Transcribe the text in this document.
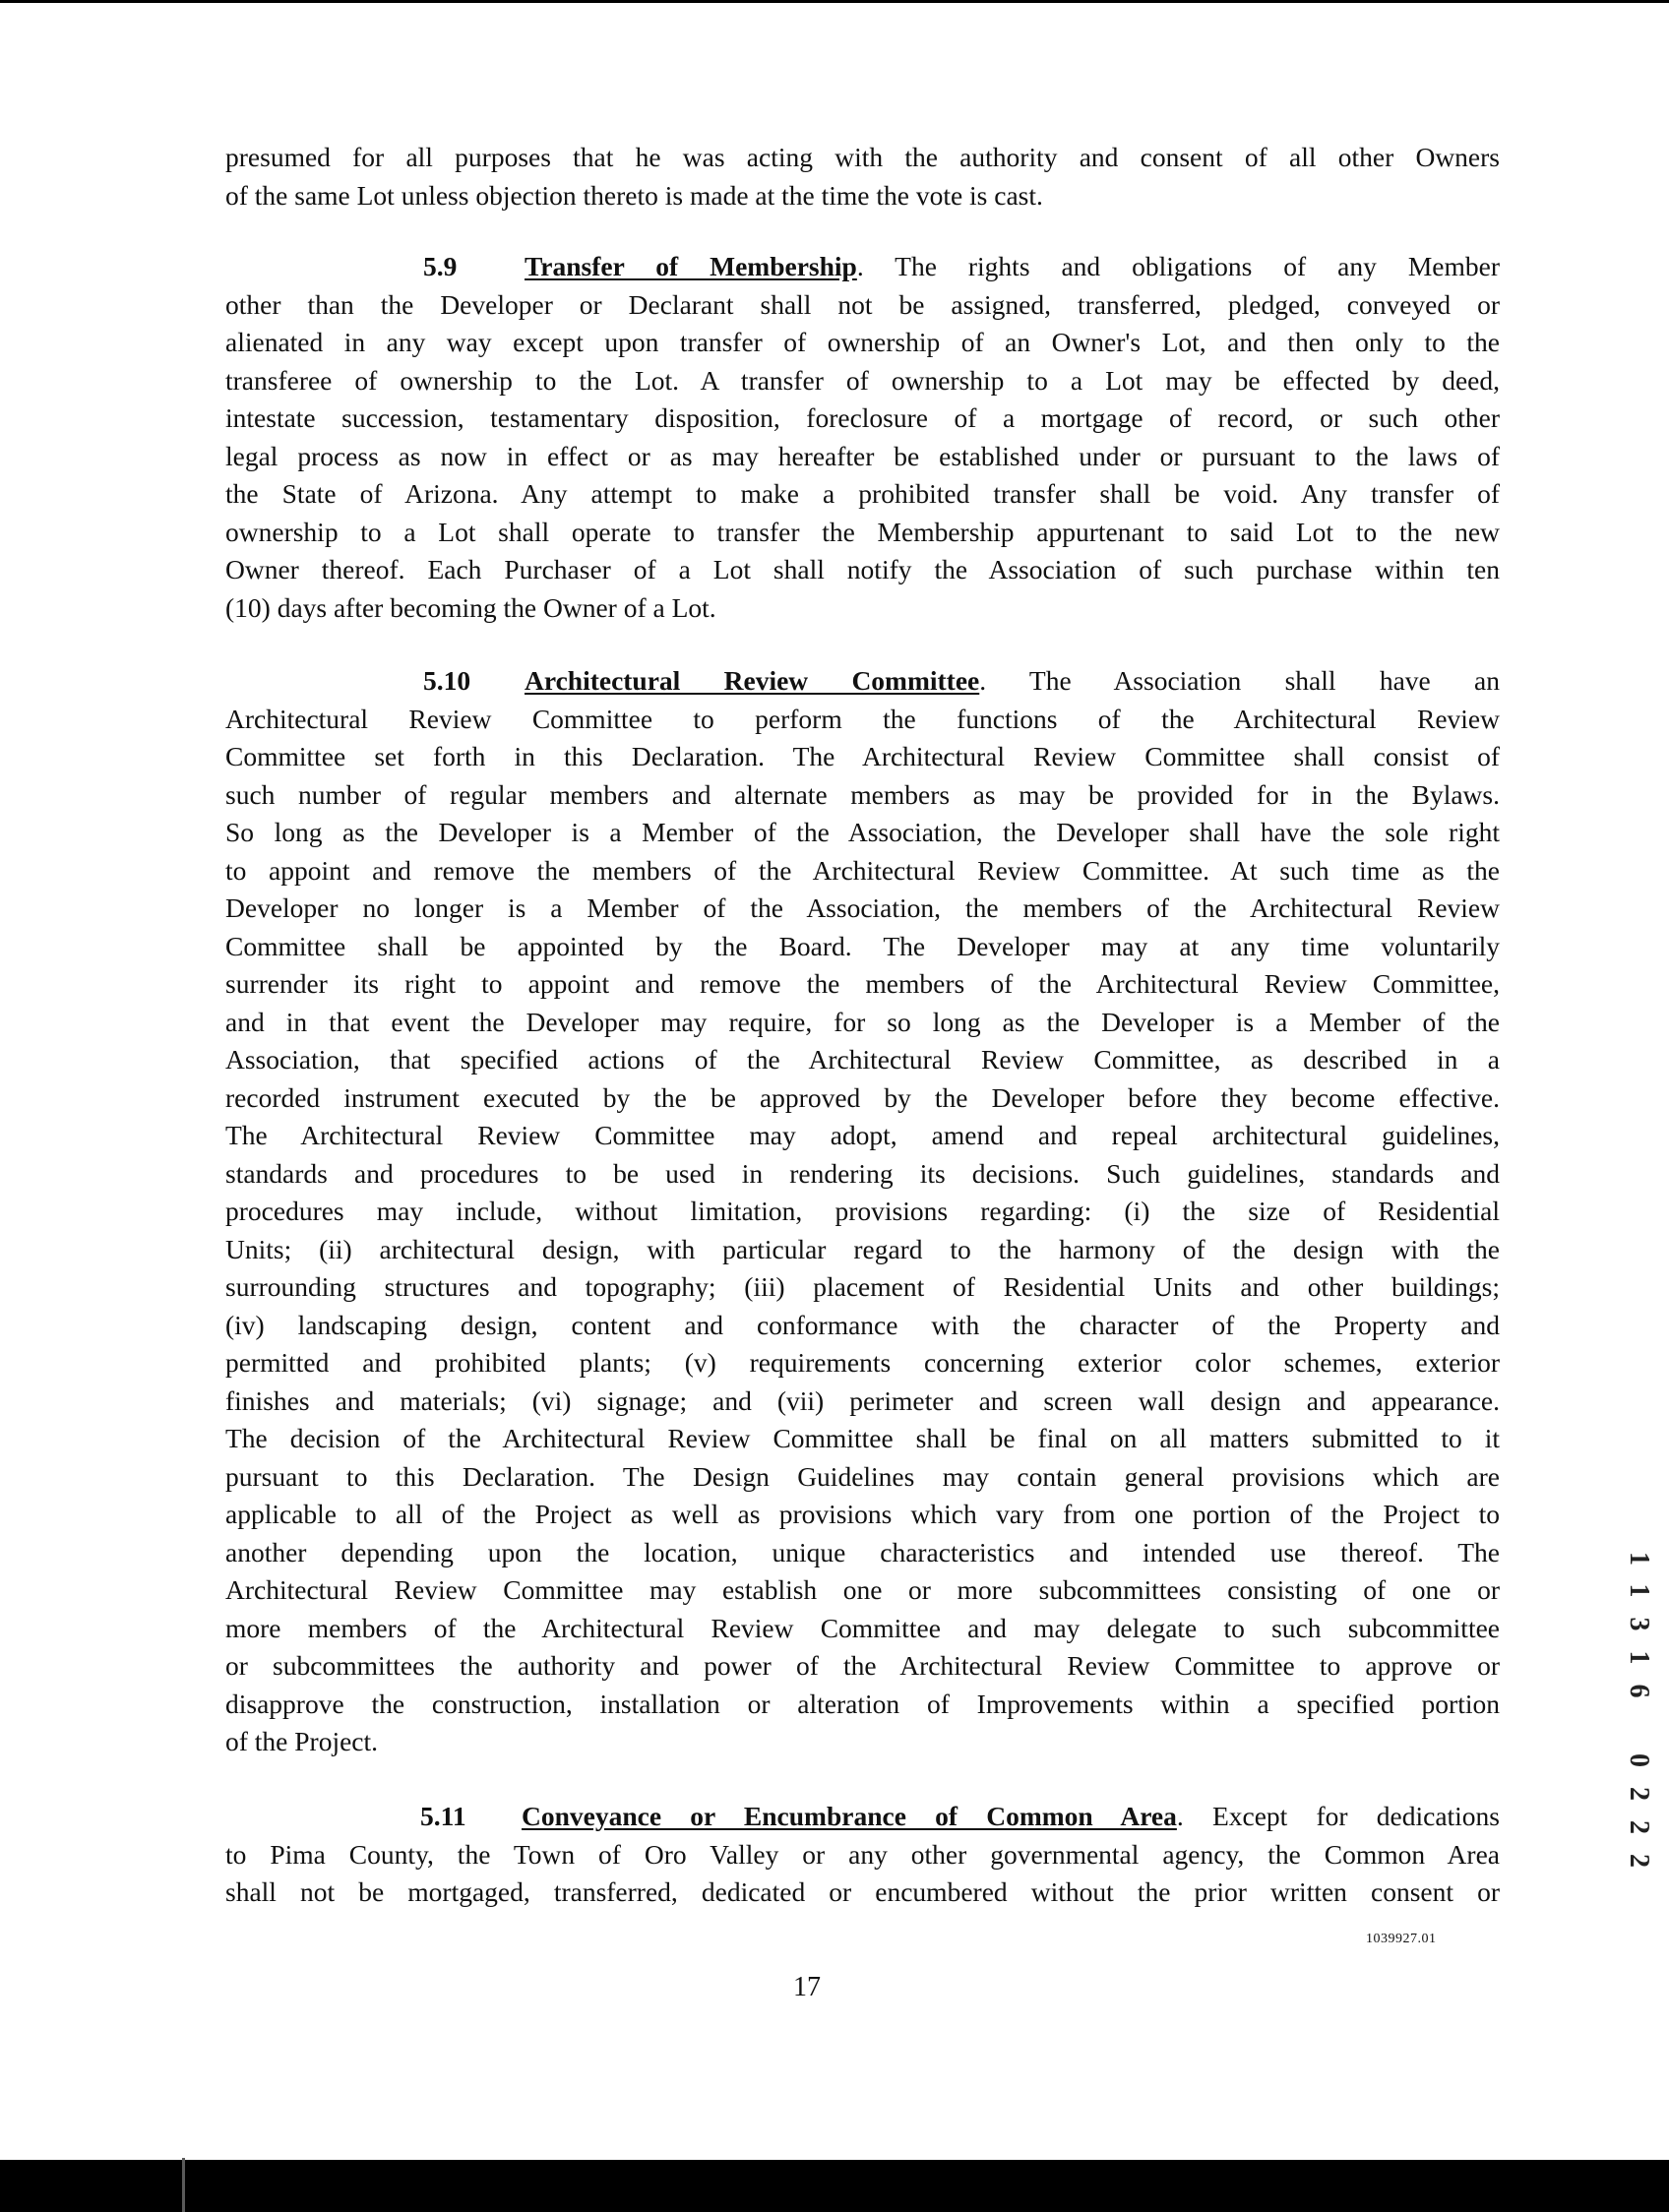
presumed for all purposes that he was acting with the authority and consent of all other Owners
of the same Lot unless objection thereto is made at the time the vote is cast.
5.9 Transfer of Membership. The rights and obligations of any Member
other than the Developer or Declarant shall not be assigned, transferred, pledged, conveyed or
alienated in any way except upon transfer of ownership of an Owner's Lot, and then only to the
transferee of ownership to the Lot. A transfer of ownership to a Lot may be effected by deed,
intestate succession, testamentary disposition, foreclosure of a mortgage of record, or such other
legal process as now in effect or as may hereafter be established under or pursuant to the laws of
the State of Arizona. Any attempt to make a prohibited transfer shall be void. Any transfer of
ownership to a Lot shall operate to transfer the Membership appurtenant to said Lot to the new
Owner thereof. Each Purchaser of a Lot shall notify the Association of such purchase within ten
(10) days after becoming the Owner of a Lot.
5.10 Architectural Review Committee. The Association shall have an
Architectural Review Committee to perform the functions of the Architectural Review
Committee set forth in this Declaration. The Architectural Review Committee shall consist of
such number of regular members and alternate members as may be provided for in the Bylaws.
So long as the Developer is a Member of the Association, the Developer shall have the sole right
to appoint and remove the members of the Architectural Review Committee. At such time as the
Developer no longer is a Member of the Association, the members of the Architectural Review
Committee shall be appointed by the Board. The Developer may at any time voluntarily
surrender its right to appoint and remove the members of the Architectural Review Committee,
and in that event the Developer may require, for so long as the Developer is a Member of the
Association, that specified actions of the Architectural Review Committee, as described in a
recorded instrument executed by the be approved by the Developer before they become effective.
The Architectural Review Committee may adopt, amend and repeal architectural guidelines,
standards and procedures to be used in rendering its decisions. Such guidelines, standards and
procedures may include, without limitation, provisions regarding: (i) the size of Residential
Units; (ii) architectural design, with particular regard to the harmony of the design with the
surrounding structures and topography; (iii) placement of Residential Units and other buildings;
(iv) landscaping design, content and conformance with the character of the Property and
permitted and prohibited plants; (v) requirements concerning exterior color schemes, exterior
finishes and materials; (vi) signage; and (vii) perimeter and screen wall design and appearance.
The decision of the Architectural Review Committee shall be final on all matters submitted to it
pursuant to this Declaration. The Design Guidelines may contain general provisions which are
applicable to all of the Project as well as provisions which vary from one portion of the Project to
another depending upon the location, unique characteristics and intended use thereof. The
Architectural Review Committee may establish one or more subcommittees consisting of one or
more members of the Architectural Review Committee and may delegate to such subcommittee
or subcommittees the authority and power of the Architectural Review Committee to approve or
disapprove the construction, installation or alteration of Improvements within a specified portion
of the Project.
5.11 Conveyance or Encumbrance of Common Area. Except for dedications
to Pima County, the Town of Oro Valley or any other governmental agency, the Common Area
shall not be mortgaged, transferred, dedicated or encumbered without the prior written consent or
1039927.01
17
11316
0222
